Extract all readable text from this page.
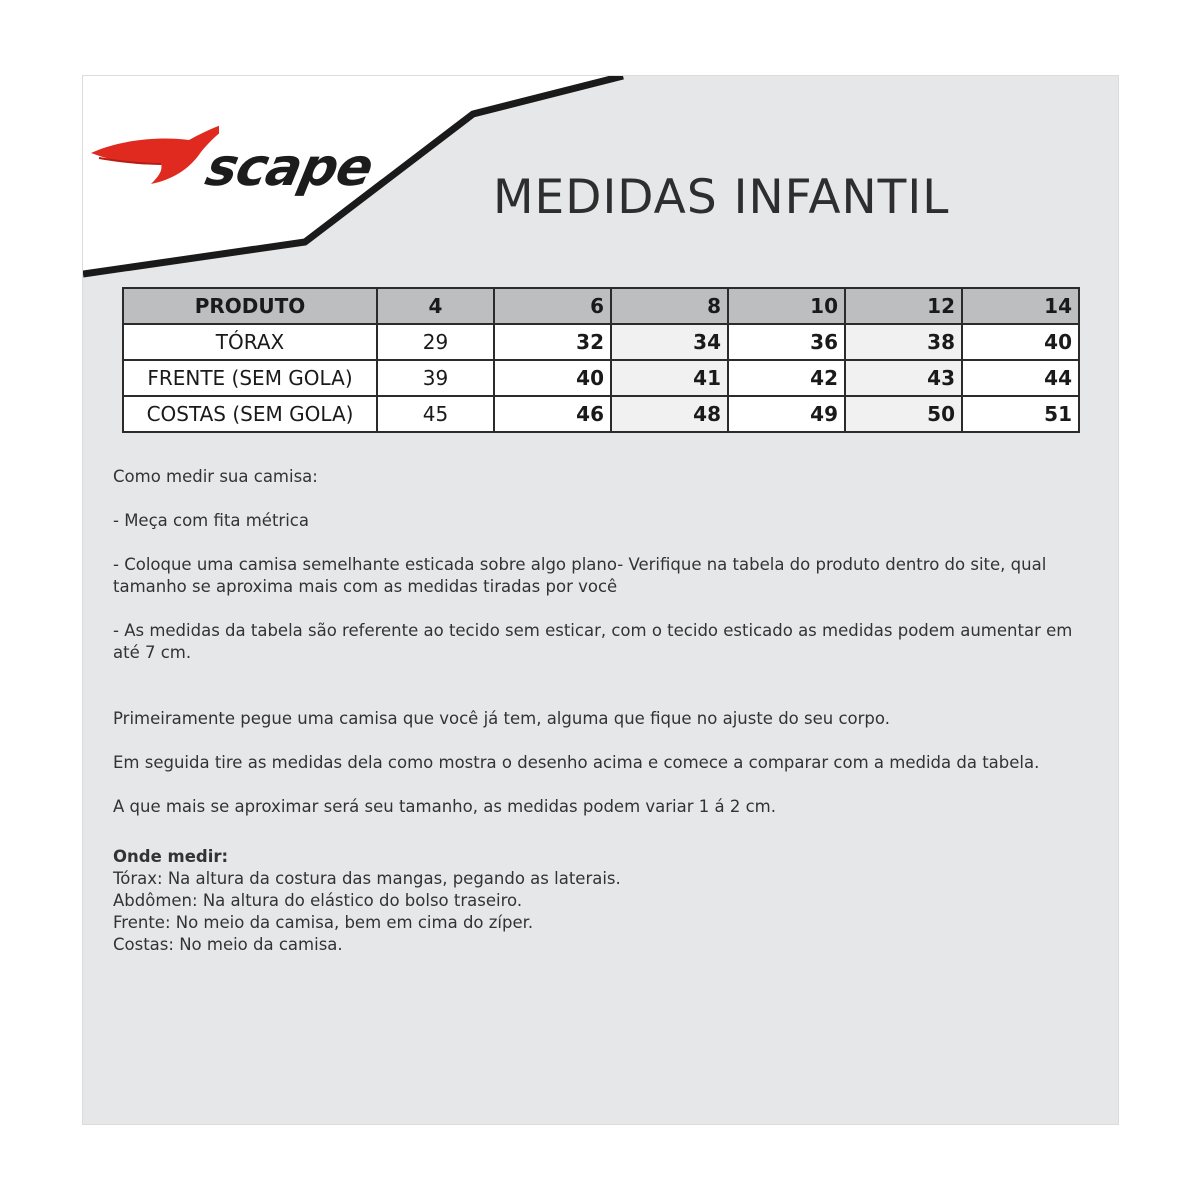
scape MEDIDAS INFANTIL
PRODUTO	4	6	8	10	12	14
TÓRAX	29	32	34	36	38	40
FRENTE (SEM GOLA)	39	40	41	42	43	44
COSTAS (SEM GOLA)	45	46	48	49	50	51

Como medir sua camisa:

- Meça com fita métrica

- Coloque uma camisa semelhante esticada sobre algo plano- Verifique na tabela do produto dentro do site, qual tamanho se aproxima mais com as medidas tiradas por você

- As medidas da tabela são referente ao tecido sem esticar, com o tecido esticado as medidas podem aumentar em até 7 cm.

Primeiramente pegue uma camisa que você já tem, alguma que fique no ajuste do seu corpo.

Em seguida tire as medidas dela como mostra o desenho acima e comece a comparar com a medida da tabela.

A que mais se aproximar será seu tamanho, as medidas podem variar 1 á 2 cm.

Onde medir:
Tórax: Na altura da costura das mangas, pegando as laterais.
Abdômen: Na altura do elástico do bolso traseiro.
Frente: No meio da camisa, bem em cima do zíper.
Costas: No meio da camisa.
